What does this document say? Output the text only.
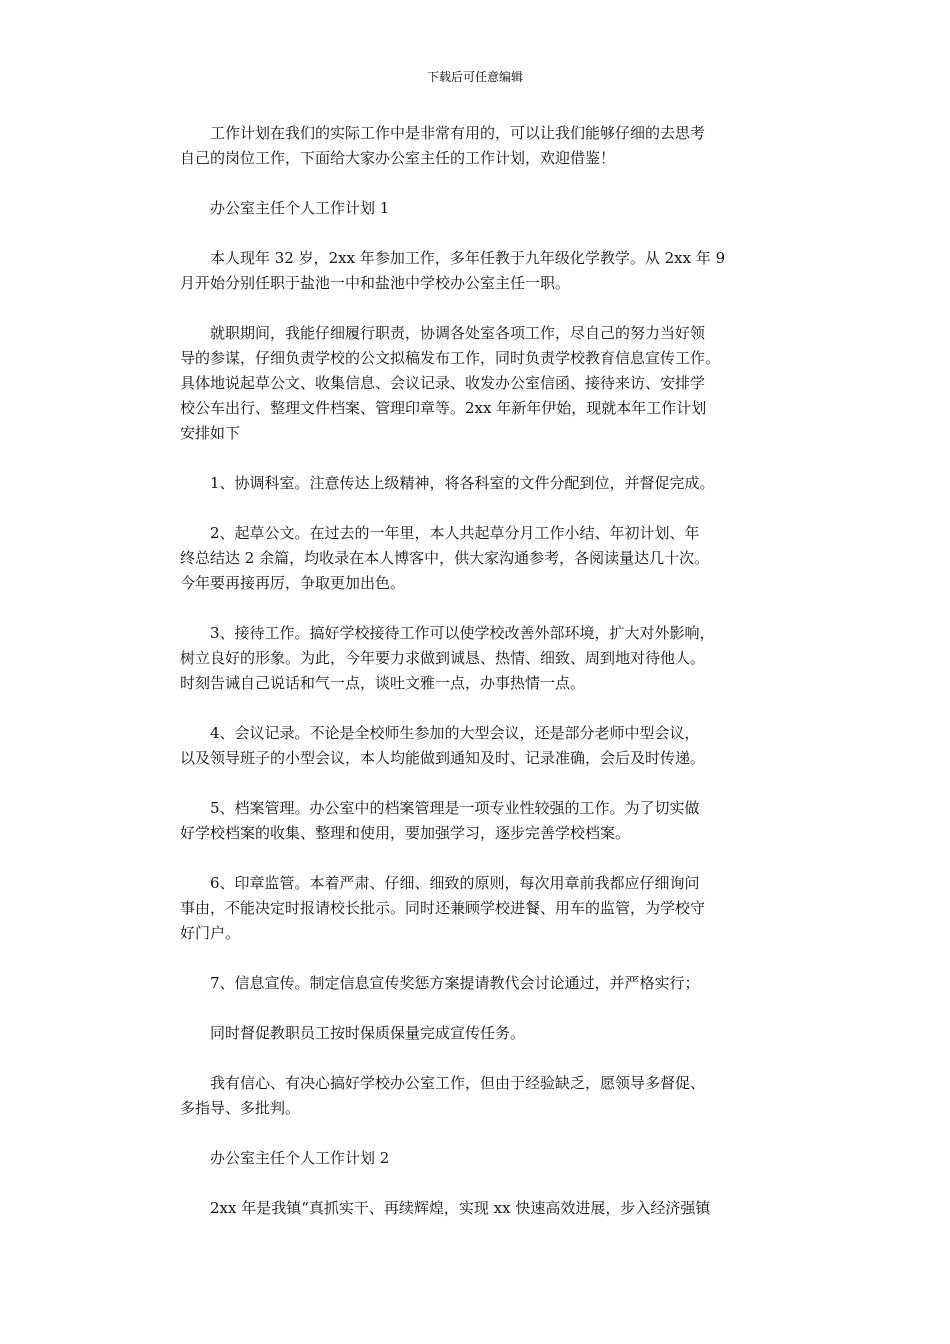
下载后可任意编辑

工作计划在我们的实际工作中是非常有用的，可以让我们能够仔细的去思考
自己的岗位工作，下面给大家办公室主任的工作计划，欢迎借鉴！

办公室主任个人工作计划 1

本人现年 32 岁，2xx 年参加工作，多年任教于九年级化学教学。从 2xx 年 9
月开始分别任职于盐池一中和盐池中学校办公室主任一职。

就职期间，我能仔细履行职责，协调各处室各项工作，尽自己的努力当好领
导的参谋，仔细负责学校的公文拟稿发布工作，同时负责学校教育信息宣传工作。
具体地说起草公文、收集信息、会议记录、收发办公室信函、接待来访、安排学
校公车出行、整理文件档案、管理印章等。2xx 年新年伊始，现就本年工作计划
安排如下

1、协调科室。注意传达上级精神，将各科室的文件分配到位，并督促完成。

2、起草公文。在过去的一年里，本人共起草分月工作小结、年初计划、年
终总结达 2 余篇，均收录在本人博客中，供大家沟通参考，各阅读量达几十次。
今年要再接再厉，争取更加出色。

3、接待工作。搞好学校接待工作可以使学校改善外部环境，扩大对外影响，
树立良好的形象。为此，今年要力求做到诚恳、热情、细致、周到地对待他人。
时刻告诫自己说话和气一点，谈吐文雅一点，办事热情一点。

4、会议记录。不论是全校师生参加的大型会议，还是部分老师中型会议，
以及领导班子的小型会议，本人均能做到通知及时、记录准确，会后及时传递。

5、档案管理。办公室中的档案管理是一项专业性较强的工作。为了切实做
好学校档案的收集、整理和使用，要加强学习，逐步完善学校档案。

6、印章监管。本着严肃、仔细、细致的原则，每次用章前我都应仔细询问
事由，不能决定时报请校长批示。同时还兼顾学校进餐、用车的监管，为学校守
好门户。

7、信息宣传。制定信息宣传奖惩方案提请教代会讨论通过，并严格实行；

同时督促教职员工按时保质保量完成宣传任务。

我有信心、有决心搞好学校办公室工作，但由于经验缺乏，愿领导多督促、
多指导、多批判。

办公室主任个人工作计划 2

2xx 年是我镇“真抓实干、再续辉煌，实现 xx 快速高效进展，步入经济强镇
